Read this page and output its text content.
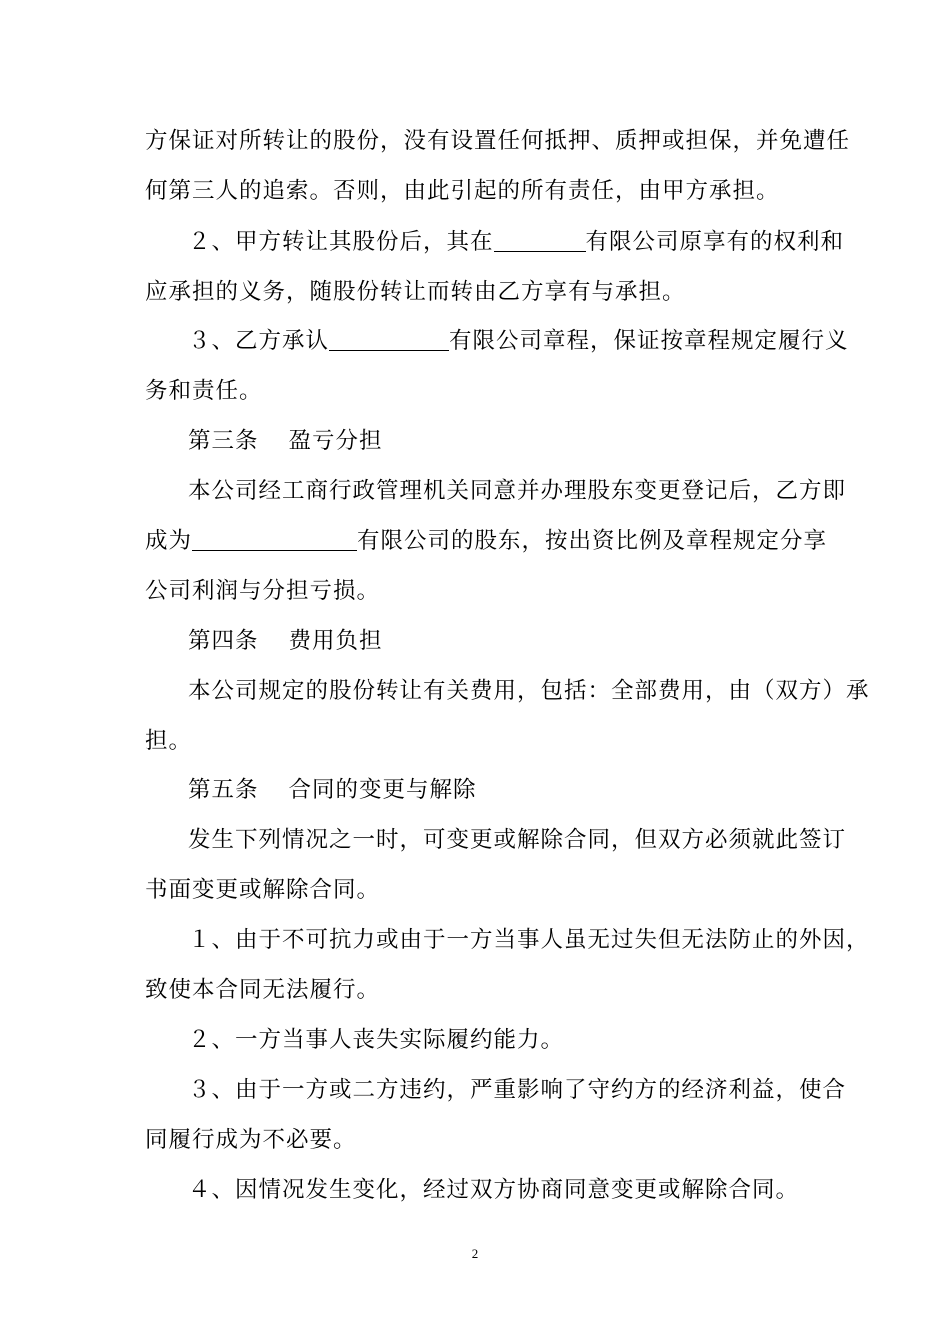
方保证对所转让的股份，没有设置任何抵押、质押或担保，并免遭任
何第三人的追索。否则，由此引起的所有责任，由甲方承担。
２、甲方转让其股份后，其在	有限公司原享有的权利和
应承担的义务，随股份转让而转由乙方享有与承担。
３、乙方承认	有限公司章程，保证按章程规定履行义
务和责任。
第三条 盈亏分担
本公司经工商行政管理机关同意并办理股东变更登记后，乙方即
成为	有限公司的股东，按出资比例及章程规定分享
公司利润与分担亏损。
第四条 费用负担
本公司规定的股份转让有关费用，包括：全部费用，由（双方）承
担。
第五条 合同的变更与解除
发生下列情况之一时，可变更或解除合同，但双方必须就此签订
书面变更或解除合同。
１、由于不可抗力或由于一方当事人虽无过失但无法防止的外因，
致使本合同无法履行。
２、一方当事人丧失实际履约能力。
３、由于一方或二方违约，严重影响了守约方的经济利益，使合
同履行成为不必要。
４、因情况发生变化，经过双方协商同意变更或解除合同。
2
